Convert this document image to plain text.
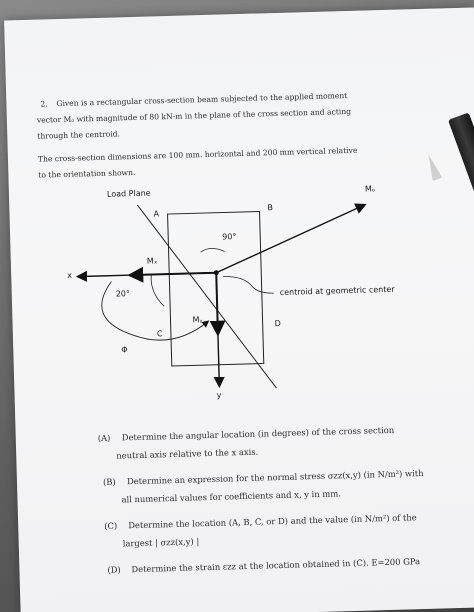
2. Given is a rectangular cross-section beam subjected to the applied moment
vector Mₒ with magnitude of 80 kN-m in the plane of the cross section and acting
through the centroid.
The cross-section dimensions are 100 mm. horizontal and 200 mm vertical relative
to the orientation shown.
Load Plane	Mₒ
A
B
C
D
90°
20°
Mₓ
Mᵧ
x
y
Φ
centroid at geometric center
(A) Determine the angular location (in degrees) of the cross section
neutral axis relative to the x axis.
(B) Determine an expression for the normal stress σzz(x,y) (in N/m²) with
all numerical values for coefficients and x, y in mm.
(C) Determine the location (A, B, C, or D) and the value (in N/m²) of the
largest | σzz(x,y) |
(D) Determine the strain εzz at the location obtained in (C). E=200 GPa
